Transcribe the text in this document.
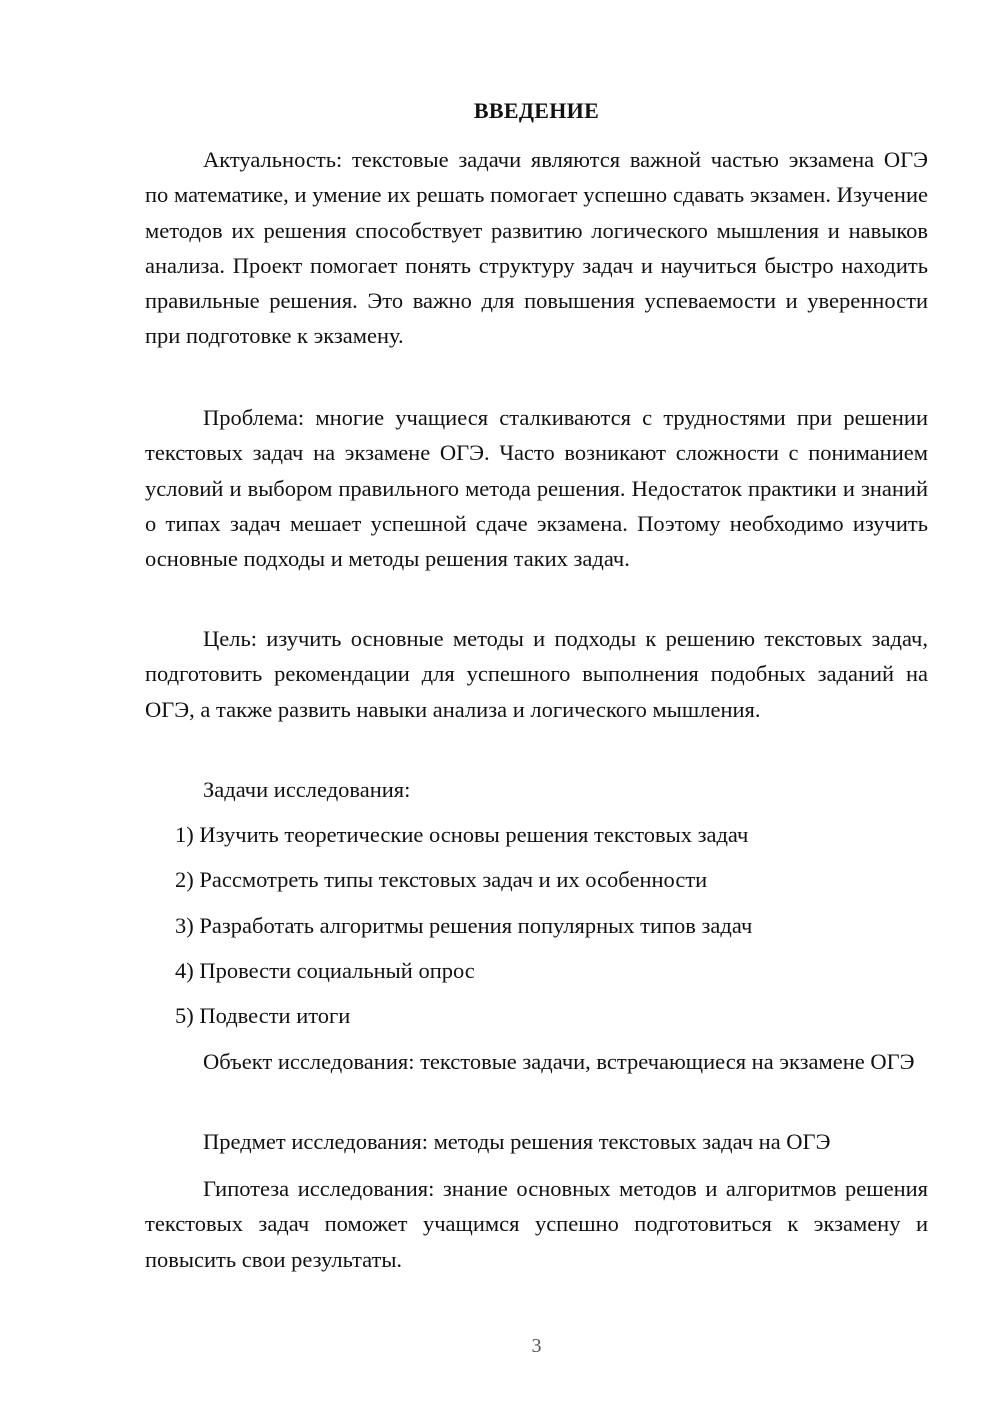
ВВЕДЕНИЕ

Актуальность: текстовые задачи являются важной частью экзамена ОГЭ по математике, и умение их решать помогает успешно сдавать экзамен. Изучение методов их решения способствует развитию логического мышления и навыков анализа. Проект помогает понять структуру задач и научиться быстро находить правильные решения. Это важно для повышения успеваемости и уверенности при подготовке к экзамену.

Проблема: многие учащиеся сталкиваются с трудностями при решении текстовых задач на экзамене ОГЭ. Часто возникают сложности с пониманием условий и выбором правильного метода решения. Недостаток практики и знаний о типах задач мешает успешной сдаче экзамена. Поэтому необходимо изучить основные подходы и методы решения таких задач.

Цель: изучить основные методы и подходы к решению текстовых задач, подготовить рекомендации для успешного выполнения подобных заданий на ОГЭ, а также развить навыки анализа и логического мышления.

Задачи исследования:

1) Изучить теоретические основы решения текстовых задач

2) Рассмотреть типы текстовых задач и их особенности

3) Разработать алгоритмы решения популярных типов задач

4) Провести социальный опрос

5) Подвести итоги

Объект исследования: текстовые задачи, встречающиеся на экзамене ОГЭ

Предмет исследования: методы решения текстовых задач на ОГЭ

Гипотеза исследования: знание основных методов и алгоритмов решения текстовых задач поможет учащимся успешно подготовиться к экзамену и повысить свои результаты.

3
